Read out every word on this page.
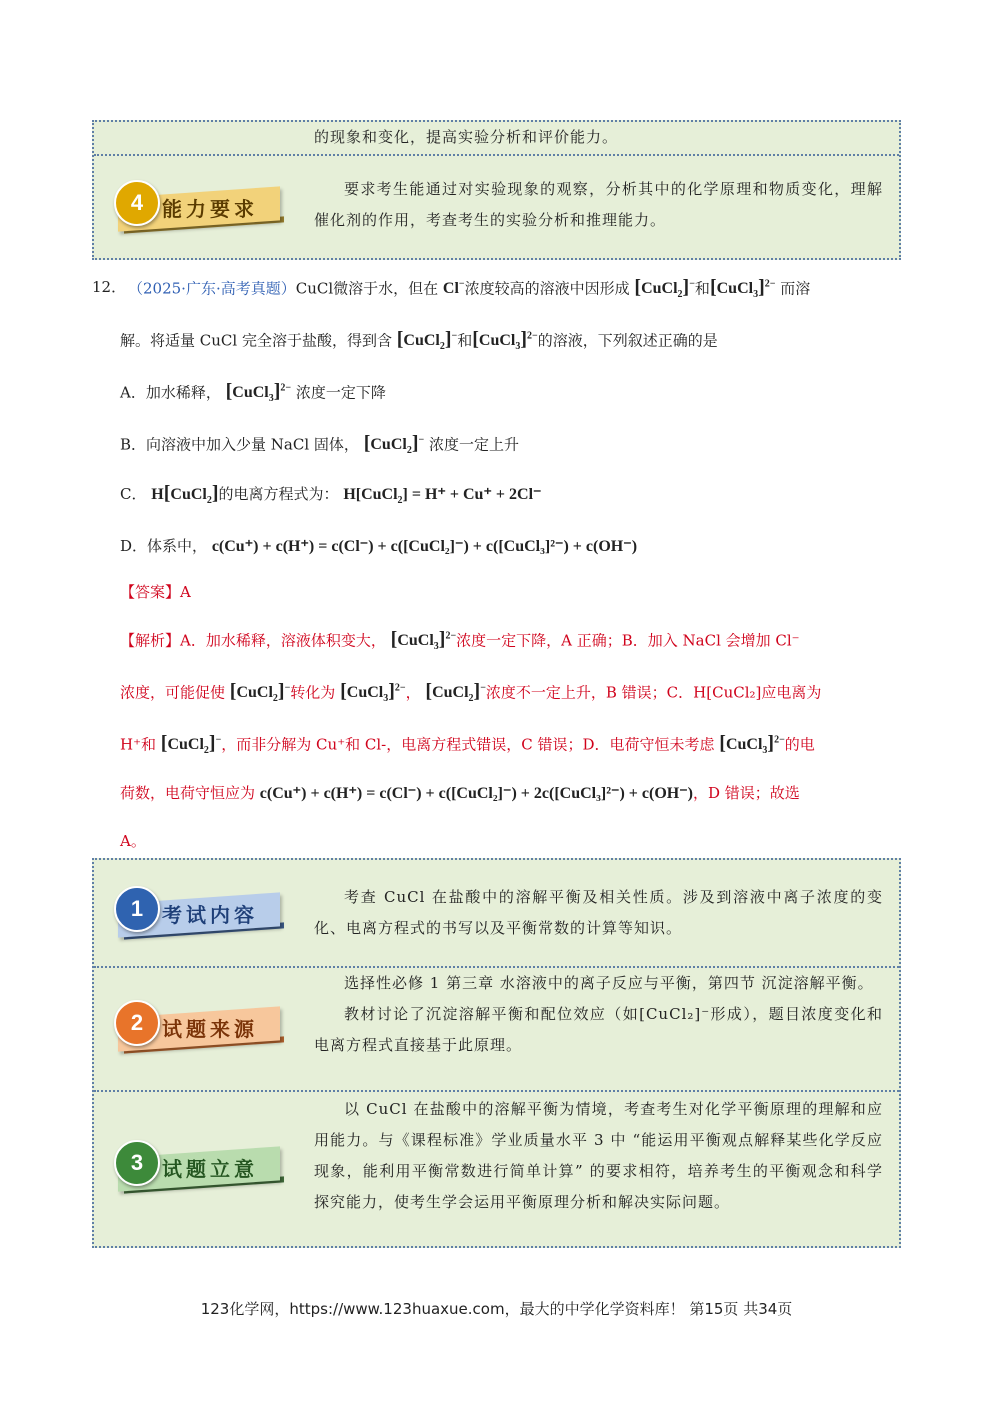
的现象和变化，提高实验分析和评价能力。
4 能力要求
要求考生能通过对实验现象的观察，分析其中的化学原理和物质变化，理解催化剂的作用，考查考生的实验分析和推理能力。
12． （2025·广东·高考真题）CuCl微溶于水，但在 Cl−浓度较高的溶液中因形成 [CuCl$_2$]−和[CuCl$_3$]$^{2-}$ 而溶
解。将适量 CuCl 完全溶于盐酸，得到含 [CuCl$_2$]−和[CuCl$_3$]$^{2-}$的溶液，下列叙述正确的是
A．加水稀释， [CuCl$_3$]$^{2-}$ 浓度一定下降
B．向溶液中加入少量 NaCl 固体， [CuCl$_2$]− 浓度一定上升
C． H[CuCl$_2$]的电离方程式为： H[CuCl$_2$] = H⁺ + Cu⁺ + 2Cl⁻
D．体系中， c(Cu⁺) + c(H⁺) = c(Cl⁻) + c([CuCl₂]⁻) + c([CuCl₃]²⁻) + c(OH⁻)
【答案】A
【解析】A．加水稀释，溶液体积变大， [CuCl$_3$]$^{2-}$浓度一定下降，A 正确；B．加入 NaCl 会增加 Cl⁻
浓度，可能促使 [CuCl$_2$]−转化为 [CuCl$_3$]$^{2-}$， [CuCl$_2$]−浓度不一定上升，B 错误；C．H[CuCl₂]应电离为
H⁺和 [CuCl$_2$]−，而非分解为 Cu⁺和 Cl-，电离方程式错误，C 错误；D．电荷守恒未考虑 [CuCl$_3$]$^{2-}$的电
荷数，电荷守恒应为 c(Cu⁺) + c(H⁺) = c(Cl⁻) + c([CuCl₂]⁻) + 2c([CuCl₃]²⁻) + c(OH⁻)，D 错误；故选
A。
1 考试内容
考查 CuCl 在盐酸中的溶解平衡及相关性质。涉及到溶液中离子浓度的变化、电离方程式的书写以及平衡常数的计算等知识。
2 试题来源

选择性必修 1 第三章 水溶液中的离子反应与平衡，第四节 沉淀溶解平衡。

教材讨论了沉淀溶解平衡和配位效应（如[CuCl₂]⁻形成），题目浓度变化和电离方程式直接基于此原理。

3 试题立意
以 CuCl 在盐酸中的溶解平衡为情境，考查考生对化学平衡原理的理解和应用能力。与《课程标准》学业质量水平 3 中 “能运用平衡观点解释某些化学反应现象，能利用平衡常数进行简单计算” 的要求相符，培养考生的平衡观念和科学探究能力，使考生学会运用平衡原理分析和解决实际问题。
123化学网，https://www.123huaxue.com，最大的中学化学资料库！ 第15页 共34页
